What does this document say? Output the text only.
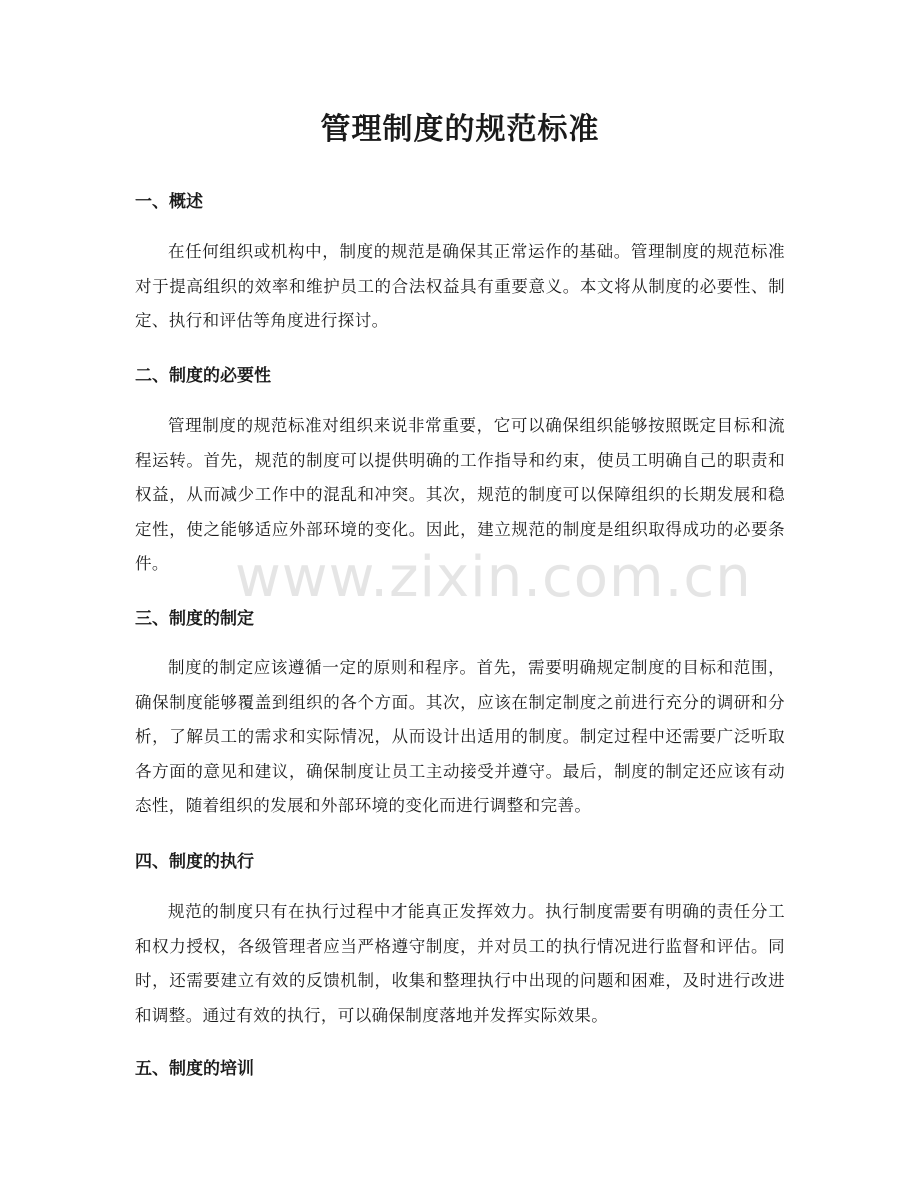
管理制度的规范标准
一、概述

在任何组织或机构中，制度的规范是确保其正常运作的基础。管理制度的规范标准对于提高组织的效率和维护员工的合法权益具有重要意义。本文将从制度的必要性、制定、执行和评估等角度进行探讨。

二、制度的必要性

管理制度的规范标准对组织来说非常重要，它可以确保组织能够按照既定目标和流程运转。首先，规范的制度可以提供明确的工作指导和约束，使员工明确自己的职责和权益，从而减少工作中的混乱和冲突。其次，规范的制度可以保障组织的长期发展和稳定性，使之能够适应外部环境的变化。因此，建立规范的制度是组织取得成功的必要条件。

三、制度的制定

制度的制定应该遵循一定的原则和程序。首先，需要明确规定制度的目标和范围，确保制度能够覆盖到组织的各个方面。其次，应该在制定制度之前进行充分的调研和分析，了解员工的需求和实际情况，从而设计出适用的制度。制定过程中还需要广泛听取各方面的意见和建议，确保制度让员工主动接受并遵守。最后，制度的制定还应该有动态性，随着组织的发展和外部环境的变化而进行调整和完善。

四、制度的执行

规范的制度只有在执行过程中才能真正发挥效力。执行制度需要有明确的责任分工和权力授权，各级管理者应当严格遵守制度，并对员工的执行情况进行监督和评估。同时，还需要建立有效的反馈机制，收集和整理执行中出现的问题和困难，及时进行改进和调整。通过有效的执行，可以确保制度落地并发挥实际效果。

五、制度的培训
www.zixin.com.cn
